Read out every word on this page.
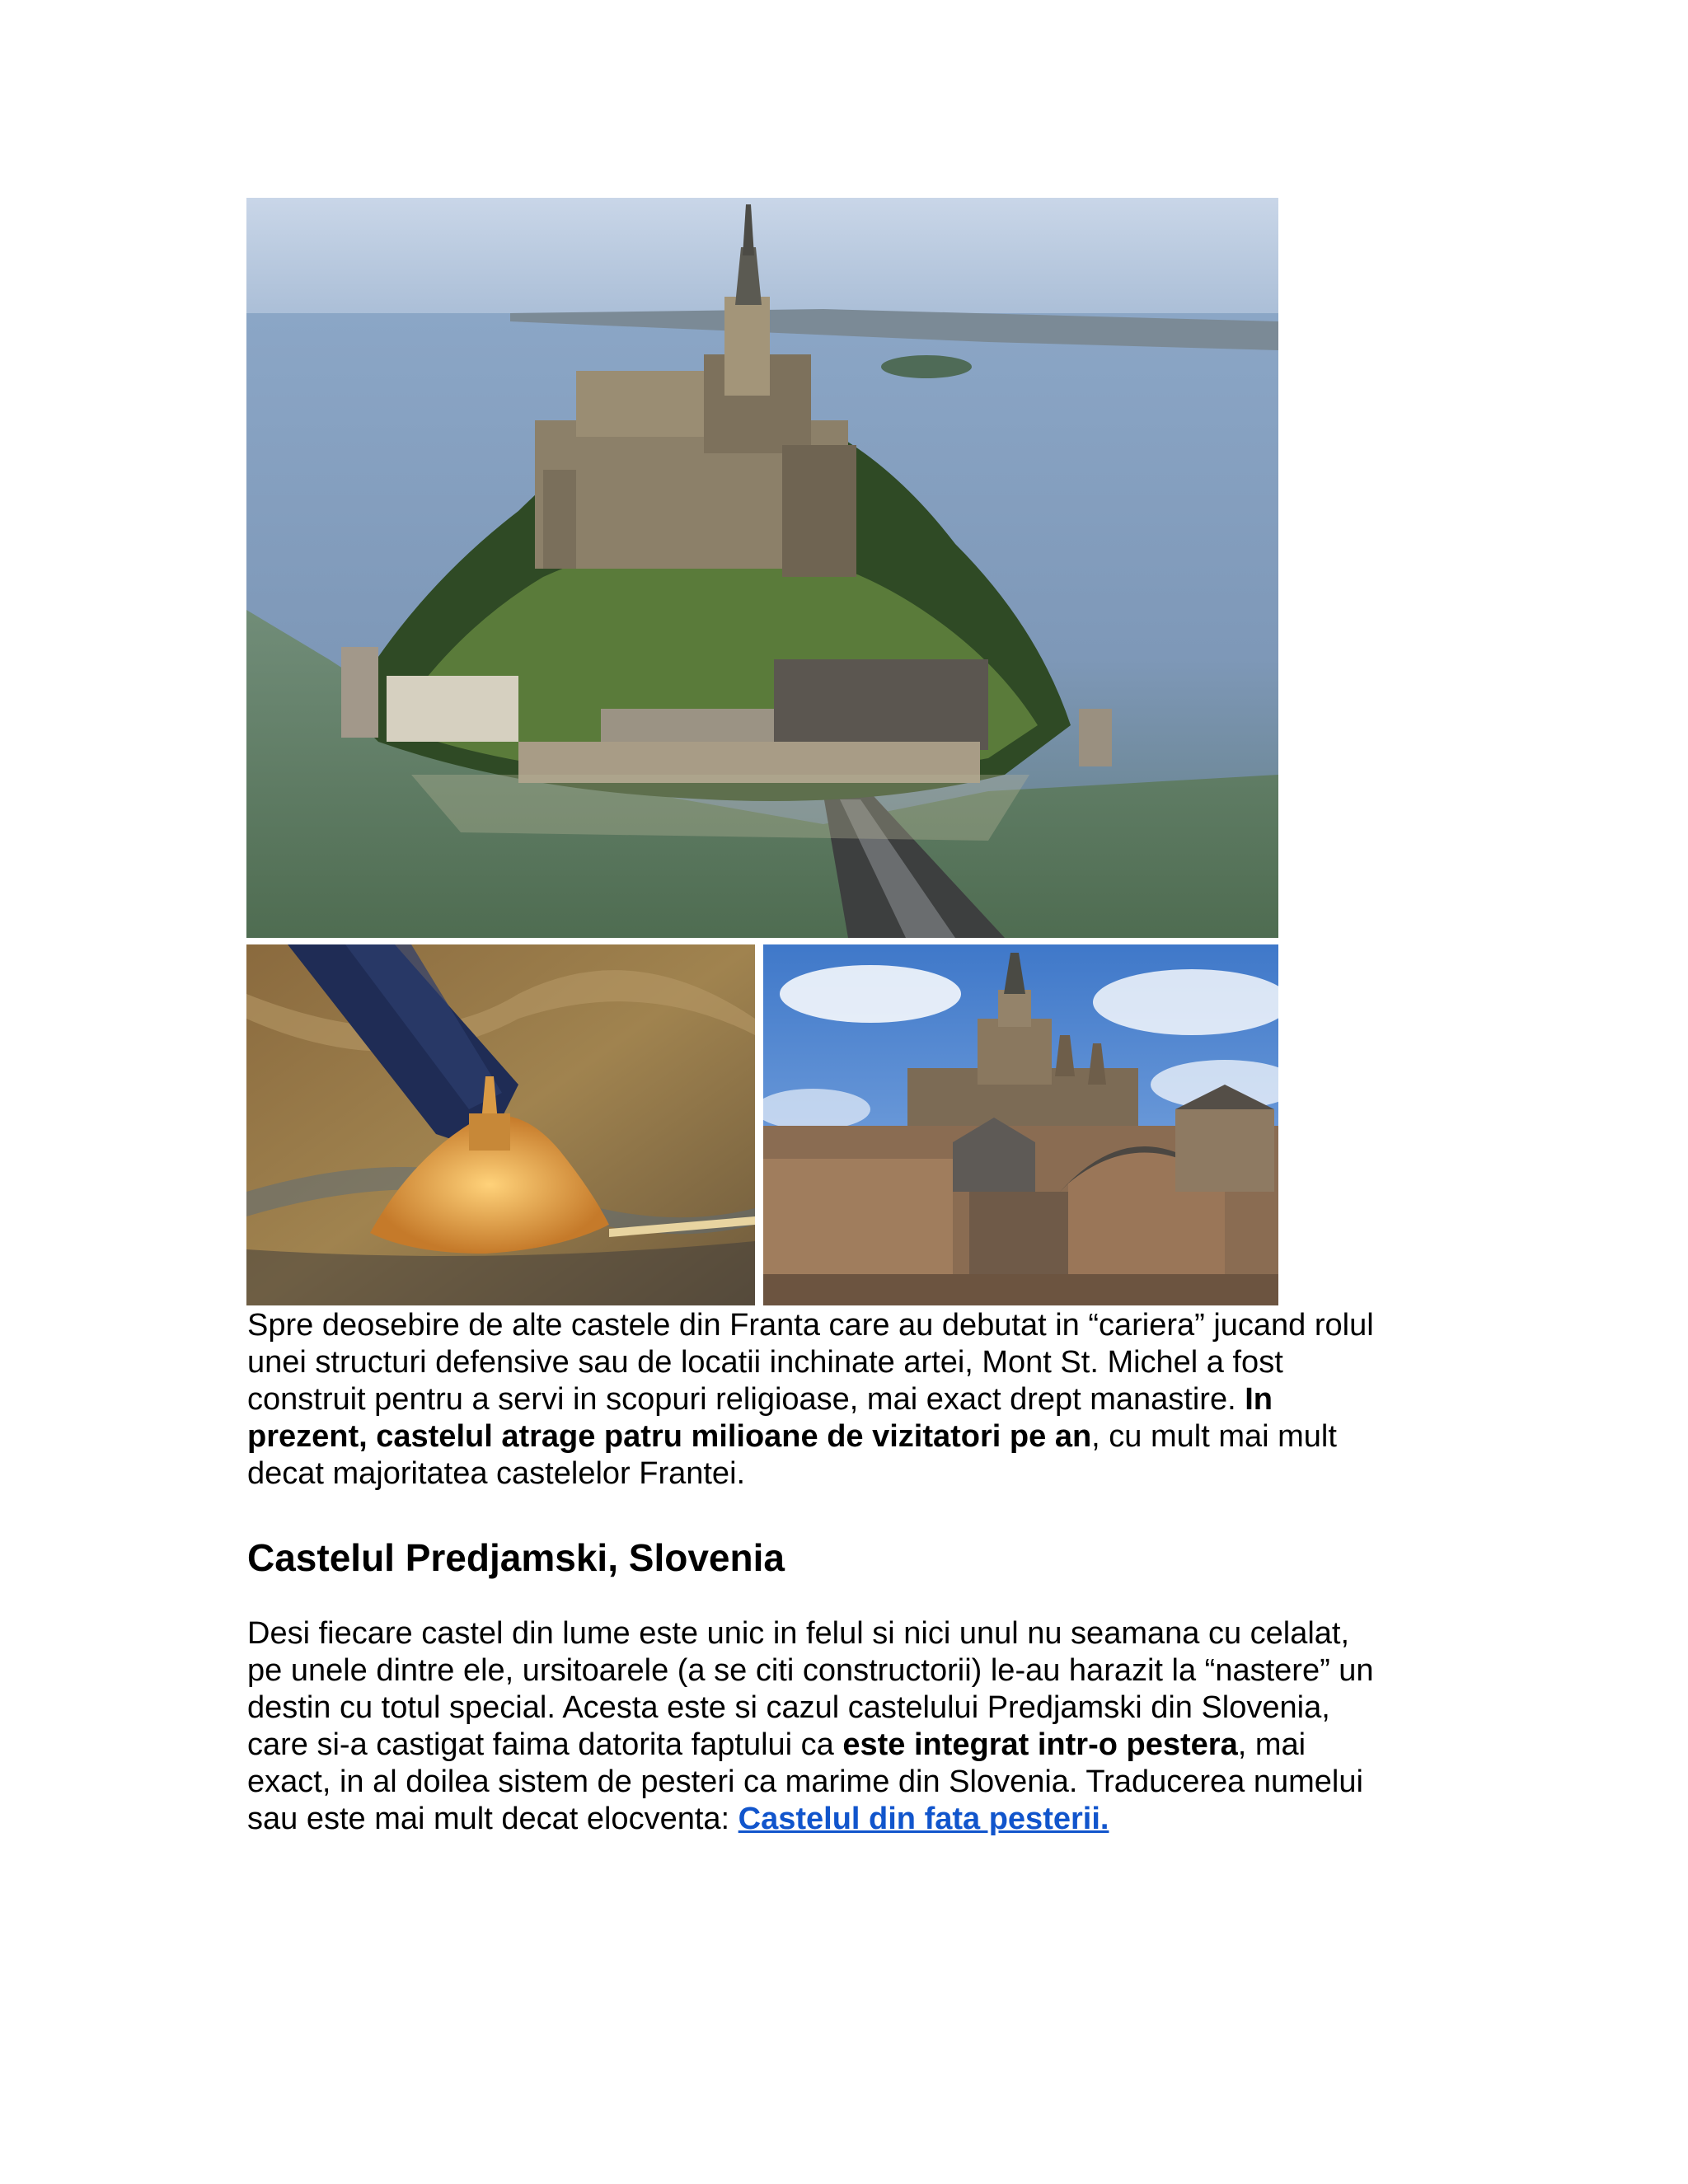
Spre deosebire de alte castele din Franta care au debutat in “cariera” jucand rolul
unei structuri defensive sau de locatii inchinate artei, Mont St. Michel a fost
construit pentru a servi in scopuri religioase, mai exact drept manastire. In
prezent, castelul atrage patru milioane de vizitatori pe an, cu mult mai mult
decat majoritatea castelelor Frantei.

Castelul Predjamski, Slovenia

Desi fiecare castel din lume este unic in felul si nici unul nu seamana cu celalat,
pe unele dintre ele, ursitoarele (a se citi constructorii) le-au harazit la “nastere” un
destin cu totul special. Acesta este si cazul castelului Predjamski din Slovenia,
care si-a castigat faima datorita faptului ca este integrat intr-o pestera, mai
exact, in al doilea sistem de pesteri ca marime din Slovenia. Traducerea numelui
sau este mai mult decat elocventa: Castelul din fata pesterii.
